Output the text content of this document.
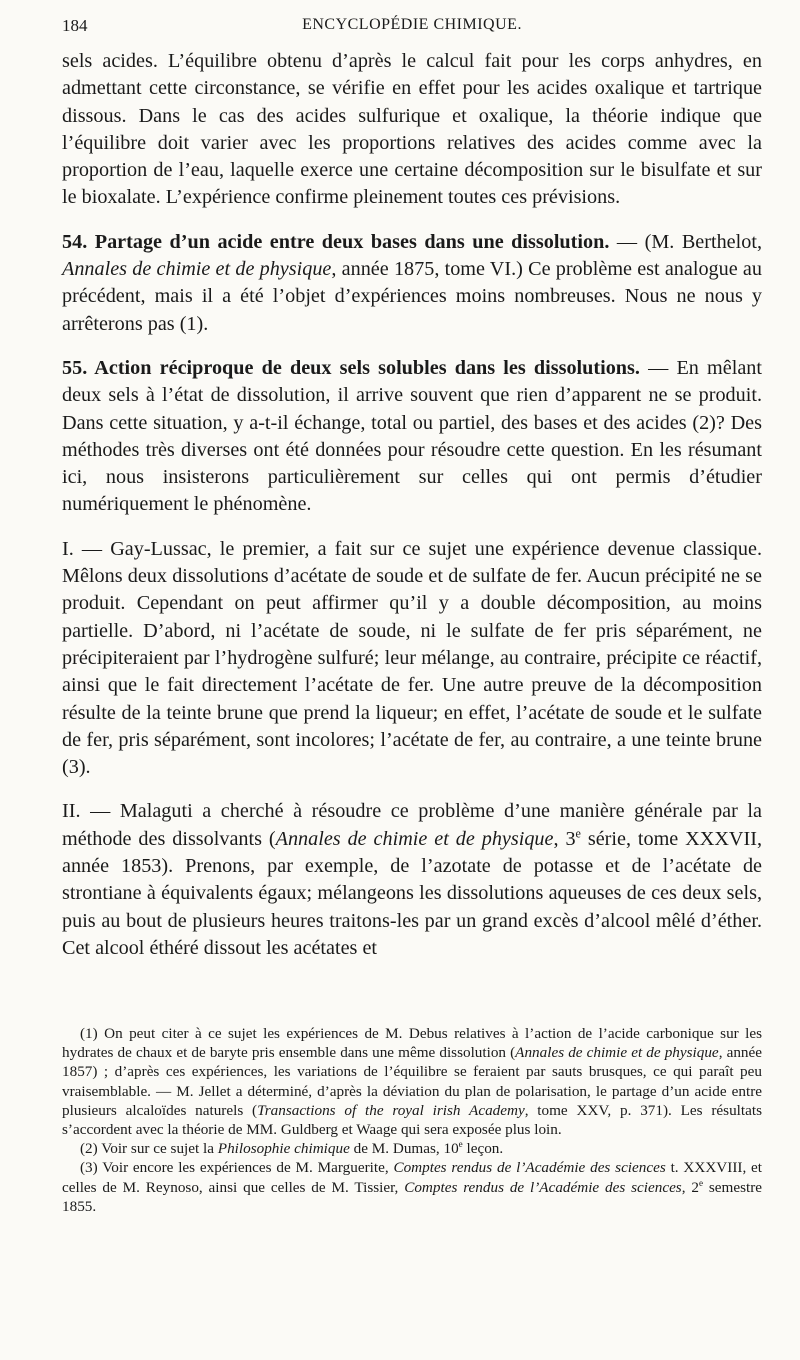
184	ENCYCLOPÉDIE CHIMIQUE.

sels acides. L’équilibre obtenu d’après le calcul fait pour les corps anhydres, en admettant cette circonstance, se vérifie en effet pour les acides oxalique et tartrique dissous. Dans le cas des acides sulfurique et oxalique, la théorie indique que l’équilibre doit varier avec les proportions relatives des acides comme avec la proportion de l’eau, laquelle exerce une certaine décomposition sur le bisulfate et sur le bioxalate. L’expérience confirme pleinement toutes ces prévisions.

54. Partage d’un acide entre deux bases dans une dissolution. — (M. Berthelot, Annales de chimie et de physique, année 1875, tome VI.) Ce problème est analogue au précédent, mais il a été l’objet d’expériences moins nombreuses. Nous ne nous y arrêterons pas (1).

55. Action réciproque de deux sels solubles dans les dissolutions. — En mêlant deux sels à l’état de dissolution, il arrive souvent que rien d’apparent ne se produit. Dans cette situation, y a-t-il échange, total ou partiel, des bases et des acides (2)? Des méthodes très diverses ont été données pour résoudre cette question. En les résumant ici, nous insisterons particulièrement sur celles qui ont permis d’étudier numériquement le phénomène.

I. — Gay-Lussac, le premier, a fait sur ce sujet une expérience devenue classique. Mêlons deux dissolutions d’acétate de soude et de sulfate de fer. Aucun précipité ne se produit. Cependant on peut affirmer qu’il y a double décomposition, au moins partielle. D’abord, ni l’acétate de soude, ni le sulfate de fer pris séparément, ne précipiteraient par l’hydrogène sulfuré; leur mélange, au contraire, précipite ce réactif, ainsi que le fait directement l’acétate de fer. Une autre preuve de la décomposition résulte de la teinte brune que prend la liqueur; en effet, l’acétate de soude et le sulfate de fer, pris séparément, sont incolores; l’acétate de fer, au contraire, a une teinte brune (3).

II. — Malaguti a cherché à résoudre ce problème d’une manière générale par la méthode des dissolvants (Annales de chimie et de physique, 3e série, tome XXXVII, année 1853). Prenons, par exemple, de l’azotate de potasse et de l’acétate de strontiane à équivalents égaux; mélangeons les dissolutions aqueuses de ces deux sels, puis au bout de plusieurs heures traitons-les par un grand excès d’alcool mêlé d’éther. Cet alcool éthéré dissout les acétates et

(1) On peut citer à ce sujet les expériences de M. Debus relatives à l’action de l’acide carbonique sur les hydrates de chaux et de baryte pris ensemble dans une même dissolution (Annales de chimie et de physique, année 1857) ; d’après ces expériences, les variations de l’équilibre se feraient par sauts brusques, ce qui paraît peu vraisemblable. — M. Jellet a déterminé, d’après la déviation du plan de polarisation, le partage d’un acide entre plusieurs alcaloïdes naturels (Transactions of the royal irish Academy, tome XXV, p. 371). Les résultats s’accordent avec la théorie de MM. Guldberg et Waage qui sera exposée plus loin.

(2) Voir sur ce sujet la Philosophie chimique de M. Dumas, 10e leçon.

(3) Voir encore les expériences de M. Marguerite, Comptes rendus de l’Académie des sciences t. XXXVIII, et celles de M. Reynoso, ainsi que celles de M. Tissier, Comptes rendus de l’Académie des sciences, 2e semestre 1855.
